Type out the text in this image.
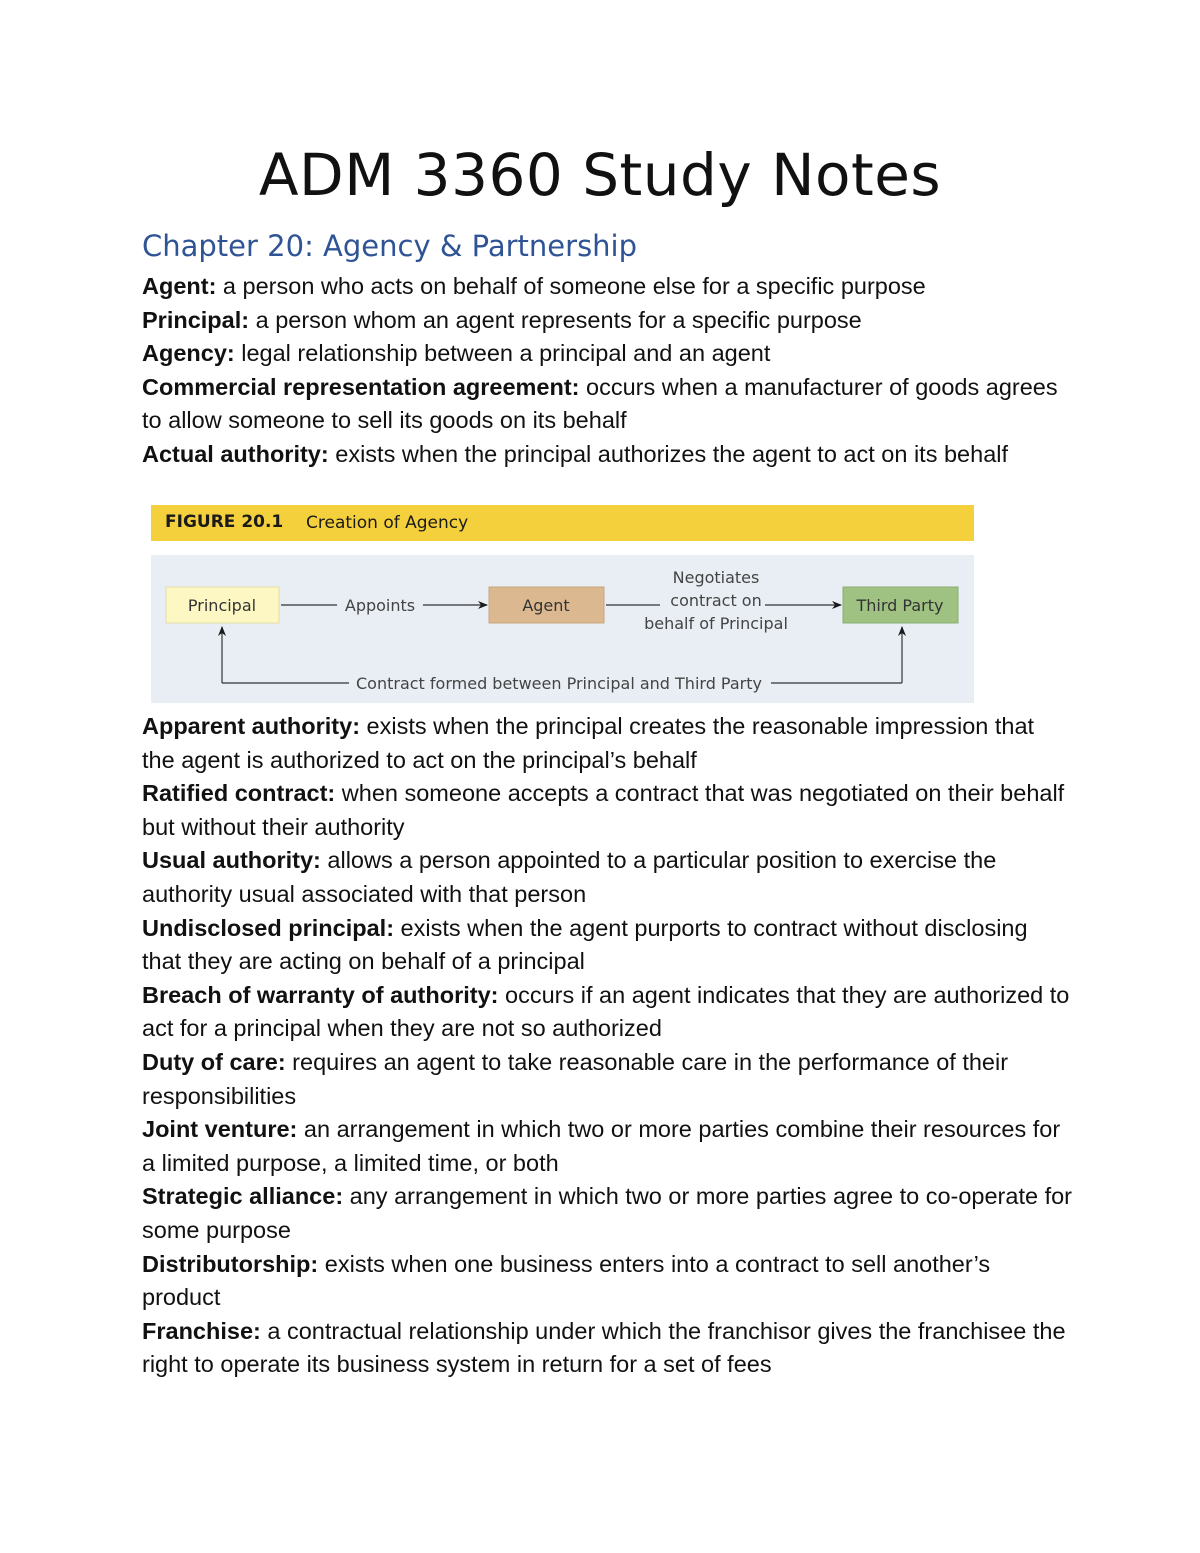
ADM 3360 Study Notes
Chapter 20: Agency & Partnership

Agent: a person who acts on behalf of someone else for a specific purpose

Principal: a person whom an agent represents for a specific purpose

Agency: legal relationship between a principal and an agent

Commercial representation agreement: occurs when a manufacturer of goods agrees to allow someone to sell its goods on its behalf

Actual authority: exists when the principal authorizes the agent to act on its behalf

FIGURE 20.1 Creation of Agency
Principal	Appoints	Agent
Negotiates
contract on
behalf of Principal
Third Party
Contract formed between Principal and Third Party

Apparent authority: exists when the principal creates the reasonable impression that the agent is authorized to act on the principal’s behalf

Ratified contract: when someone accepts a contract that was negotiated on their behalf but without their authority

Usual authority: allows a person appointed to a particular position to exercise the authority usual associated with that person

Undisclosed principal: exists when the agent purports to contract without disclosing that they are acting on behalf of a principal

Breach of warranty of authority: occurs if an agent indicates that they are authorized to act for a principal when they are not so authorized

Duty of care: requires an agent to take reasonable care in the performance of their responsibilities

Joint venture: an arrangement in which two or more parties combine their resources for a limited purpose, a limited time, or both

Strategic alliance: any arrangement in which two or more parties agree to co-operate for some purpose

Distributorship: exists when one business enters into a contract to sell another’s product

Franchise: a contractual relationship under which the franchisor gives the franchisee the right to operate its business system in return for a set of fees
